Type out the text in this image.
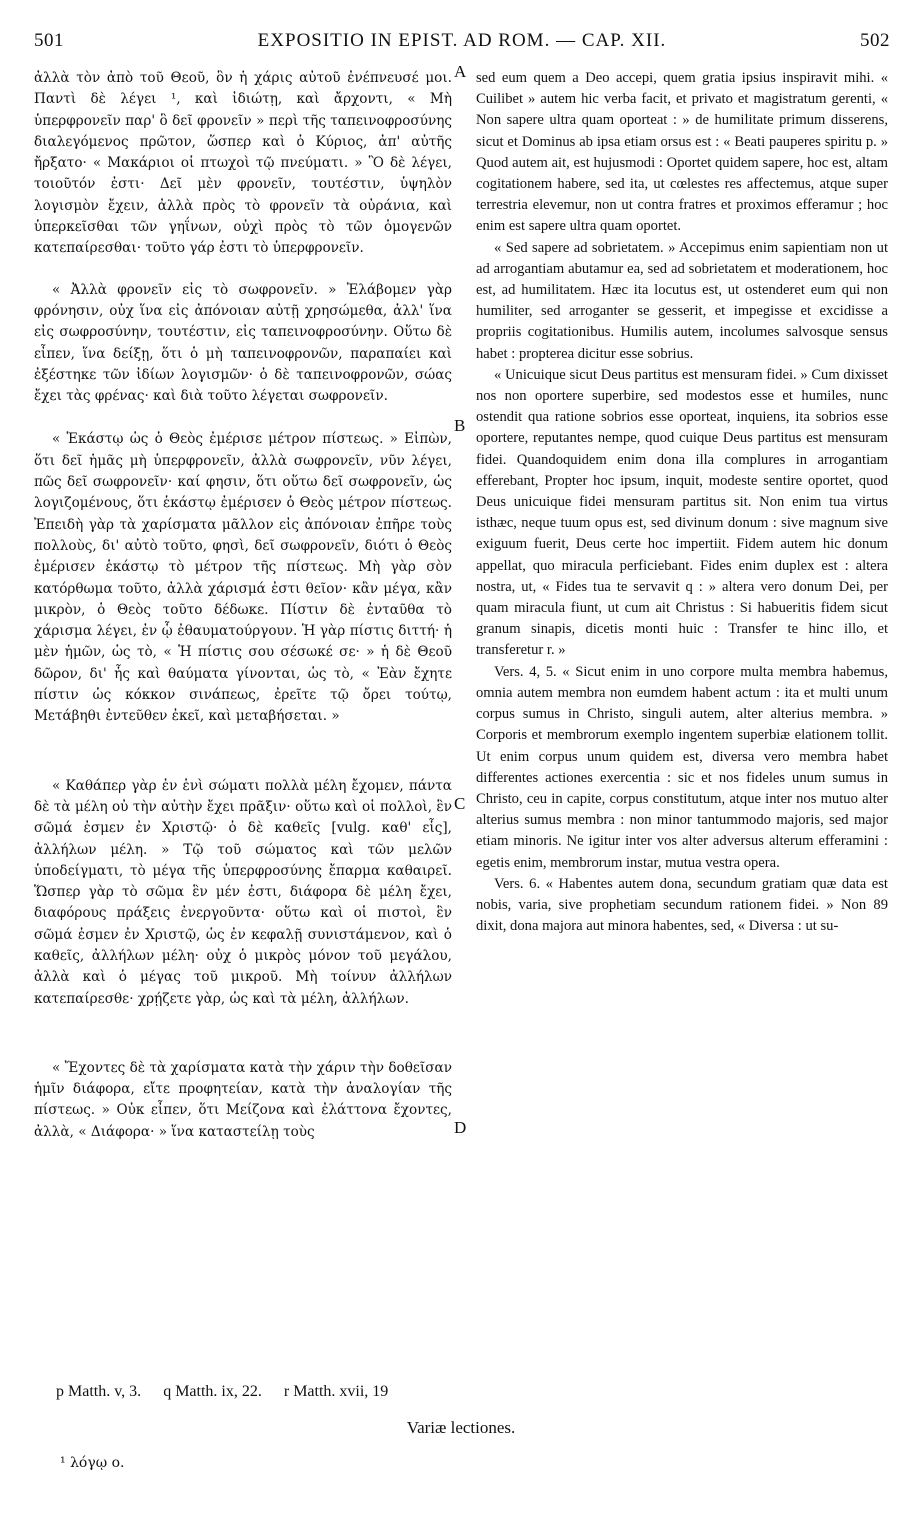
501	EXPOSITIO IN EPIST. AD ROM. — CAP. XII.	502

ἀλλὰ τὸν ἀπὸ τοῦ Θεοῦ, ὃν ἡ χάρις αὐτοῦ ἐνέπνευσέ μοι. Παντὶ δὲ λέγει ¹, καὶ ἰδιώτῃ, καὶ ἄρχοντι, « Μὴ ὑπερφρονεῖν παρ' ὃ δεῖ φρονεῖν » περὶ τῆς ταπεινοφροσύνης διαλεγόμενος πρῶτον, ὥσπερ καὶ ὁ Κύριος, ἀπ' αὐτῆς ἤρξατο· « Μακάριοι οἱ πτωχοὶ τῷ πνεύματι. » Ὃ δὲ λέγει, τοιοῦτόν ἐστι· Δεῖ μὲν φρονεῖν, τουτέστιν, ὑψηλὸν λογισμὸν ἔχειν, ἀλλὰ πρὸς τὸ φρονεῖν τὰ οὐράνια, καὶ ὑπερκεῖσθαι τῶν γηΐνων, οὐχὶ πρὸς τὸ τῶν ὁμογενῶν κατεπαίρεσθαι· τοῦτο γάρ ἐστι τὸ ὑπερφρονεῖν.

« Ἀλλὰ φρονεῖν εἰς τὸ σωφρονεῖν. » Ἐλάβομεν γὰρ φρόνησιν, οὐχ ἵνα εἰς ἀπόνοιαν αὐτῇ χρησώμεθα, ἀλλ' ἵνα εἰς σωφροσύνην, τουτέστιν, εἰς ταπεινοφροσύνην. Οὕτω δὲ εἶπεν, ἵνα δείξῃ, ὅτι ὁ μὴ ταπεινοφρονῶν, παραπαίει καὶ ἐξέστηκε τῶν ἰδίων λογισμῶν· ὁ δὲ ταπεινοφρονῶν, σώας ἔχει τὰς φρένας· καὶ διὰ τοῦτο λέγεται σωφρονεῖν.

« Ἑκάστῳ ὡς ὁ Θεὸς ἐμέρισε μέτρον πίστεως. » Εἰπὼν, ὅτι δεῖ ἡμᾶς μὴ ὑπερφρονεῖν, ἀλλὰ σωφρονεῖν, νῦν λέγει, πῶς δεῖ σωφρονεῖν· καί φησιν, ὅτι οὕτω δεῖ σωφρονεῖν, ὡς λογιζομένους, ὅτι ἑκάστῳ ἐμέρισεν ὁ Θεὸς μέτρον πίστεως. Ἐπειδὴ γὰρ τὰ χαρίσματα μᾶλλον εἰς ἀπόνοιαν ἐπῆρε τοὺς πολλοὺς, δι' αὐτὸ τοῦτο, φησὶ, δεῖ σωφρονεῖν, διότι ὁ Θεὸς ἐμέρισεν ἑκάστῳ τὸ μέτρον τῆς πίστεως. Μὴ γὰρ σὸν κατόρθωμα τοῦτο, ἀλλὰ χάρισμά ἐστι θεῖον· κἂν μέγα, κἂν μικρὸν, ὁ Θεὸς τοῦτο δέδωκε. Πίστιν δὲ ἐνταῦθα τὸ χάρισμα λέγει, ἐν ᾧ ἐθαυματούργουν. Ἡ γὰρ πίστις διττή· ἡ μὲν ἡμῶν, ὡς τὸ, « Ἡ πίστις σου σέσωκέ σε· » ἡ δὲ Θεοῦ δῶρον, δι' ἧς καὶ θαύματα γίνονται, ὡς τὸ, « Ἐὰν ἔχητε πίστιν ὡς κόκκον σινάπεως, ἐρεῖτε τῷ ὄρει τούτῳ, Μετάβηθι ἐντεῦθεν ἐκεῖ, καὶ μεταβήσεται. »

« Καθάπερ γὰρ ἐν ἑνὶ σώματι πολλὰ μέλη ἔχομεν, πάντα δὲ τὰ μέλη οὐ τὴν αὐτὴν ἔχει πρᾶξιν· οὕτω καὶ οἱ πολλοὶ, ἓν σῶμά ἐσμεν ἐν Χριστῷ· ὁ δὲ καθεῖς [vulg. καθ' εἷς], ἀλλήλων μέλη. » Τῷ τοῦ σώματος καὶ τῶν μελῶν ὑποδείγματι, τὸ μέγα τῆς ὑπερφροσύνης ἔπαρμα καθαιρεῖ. Ὥσπερ γὰρ τὸ σῶμα ἓν μέν ἐστι, διάφορα δὲ μέλη ἔχει, διαφόρους πράξεις ἐνεργοῦντα· οὕτω καὶ οἱ πιστοὶ, ἓν σῶμά ἐσμεν ἐν Χριστῷ, ὡς ἐν κεφαλῇ συνιστάμενον, καὶ ὁ καθεῖς, ἀλλήλων μέλη· οὐχ ὁ μικρὸς μόνον τοῦ μεγάλου, ἀλλὰ καὶ ὁ μέγας τοῦ μικροῦ. Μὴ τοίνυν ἀλλήλων κατεπαίρεσθε· χρῄζετε γὰρ, ὡς καὶ τὰ μέλη, ἀλλήλων.

« Ἔχοντες δὲ τὰ χαρίσματα κατὰ τὴν χάριν τὴν δοθεῖσαν ἡμῖν διάφορα, εἴτε προφητείαν, κατὰ τὴν ἀναλογίαν τῆς πίστεως. » Οὐκ εἶπεν, ὅτι Μείζονα καὶ ἐλάττονα ἔχοντες, ἀλλὰ, « Διάφορα· » ἵνα καταστείλῃ τοὺς

sed eum quem a Deo accepi, quem gratia ipsius inspiravit mihi. « Cuilibet » autem hic verba facit, et privato et magistratum gerenti, « Non sapere ultra quam oporteat : » de humilitate primum disserens, sicut et Dominus ab ipsa etiam orsus est : « Beati pauperes spiritu p. » Quod autem ait, est hujusmodi : Oportet quidem sapere, hoc est, altam cogitationem habere, sed ita, ut cœlestes res affectemus, atque super terrestria elevemur, non ut contra fratres et proximos efferamur ; hoc enim est sapere ultra quam oportet.

« Sed sapere ad sobrietatem. » Accepimus enim sapientiam non ut ad arrogantiam abutamur ea, sed ad sobrietatem et moderationem, hoc est, ad humilitatem. Hæc ita locutus est, ut ostenderet eum qui non humiliter, sed arroganter se gesserit, et impegisse et excidisse a propriis cogitationibus. Humilis autem, incolumes salvosque sensus habet : propterea dicitur esse sobrius.

« Unicuique sicut Deus partitus est mensuram fidei. » Cum dixisset nos non oportere superbire, sed modestos esse et humiles, nunc ostendit qua ratione sobrios esse oporteat, inquiens, ita sobrios esse oportere, reputantes nempe, quod cuique Deus partitus est mensuram fidei. Quandoquidem enim dona illa complures in arrogantiam efferebant, Propter hoc ipsum, inquit, modeste sentire oportet, quod Deus unicuique fidei mensuram partitus sit. Non enim tua virtus isthæc, neque tuum opus est, sed divinum donum : sive magnum sive exiguum fuerit, Deus certe hoc impertiit. Fidem autem hic donum appellat, quo miracula perficiebant. Fides enim duplex est : altera nostra, ut, « Fides tua te servavit q : » altera vero donum Dei, per quam miracula fiunt, ut cum ait Christus : Si habueritis fidem sicut granum sinapis, dicetis monti huic : Transfer te hinc illo, et transferetur r. »

Vers. 4, 5. « Sicut enim in uno corpore multa membra habemus, omnia autem membra non eumdem habent actum : ita et multi unum corpus sumus in Christo, singuli autem, alter alterius membra. » Corporis et membrorum exemplo ingentem superbiæ elationem tollit. Ut enim corpus unum quidem est, diversa vero membra habet differentes actiones exercentia : sic et nos fideles unum sumus in Christo, ceu in capite, corpus constitutum, atque inter nos mutuo alter alterius sumus membra : non minor tantummodo majoris, sed major etiam minoris. Ne igitur inter vos alter adversus alterum efferamini : egetis enim, membrorum instar, mutua vestra opera.

Vers. 6. « Habentes autem dona, secundum gratiam quæ data est nobis, varia, sive prophetiam secundum rationem fidei. » Non 89 dixit, dona majora aut minora habentes, sed, « Diversa : ut su-

A
B
C
D
p Matth. v, 3. q Matth. ix, 22. r Matth. xvii, 19
Variæ lectiones.
¹ λόγῳ ο.
